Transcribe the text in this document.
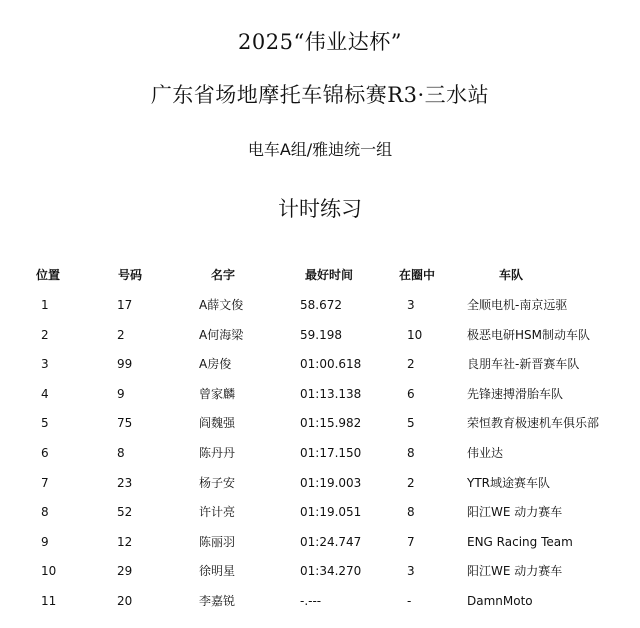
2025“伟业达杯”
广东省场地摩托车锦标赛R3·三水站
电车A组/雅迪统一组
计时练习
位置	号码	名字	最好时间	在圈中	车队
1	17	A薛文俊	58.672	3	全顺电机-南京远驱
2	2	A何海梁	59.198	10	极恶电研HSM制动车队
3	99	A房俊	01:00.618	2	良朋车社-新晋赛车队
4	9	曾家麟	01:13.138	6	先锋速搏滑胎车队
5	75	阎魏强	01:15.982	5	荣恒教育极速机车俱乐部
6	8	陈丹丹	01:17.150	8	伟业达
7	23	杨子安	01:19.003	2	YTR域途赛车队
8	52	许计亮	01:19.051	8	阳江WE 动力赛车
9	12	陈丽羽	01:24.747	7	ENG Racing Team
10	29	徐明星	01:34.270	3	阳江WE 动力赛车
11	20	李嘉锐	-.---	-	DamnMoto
